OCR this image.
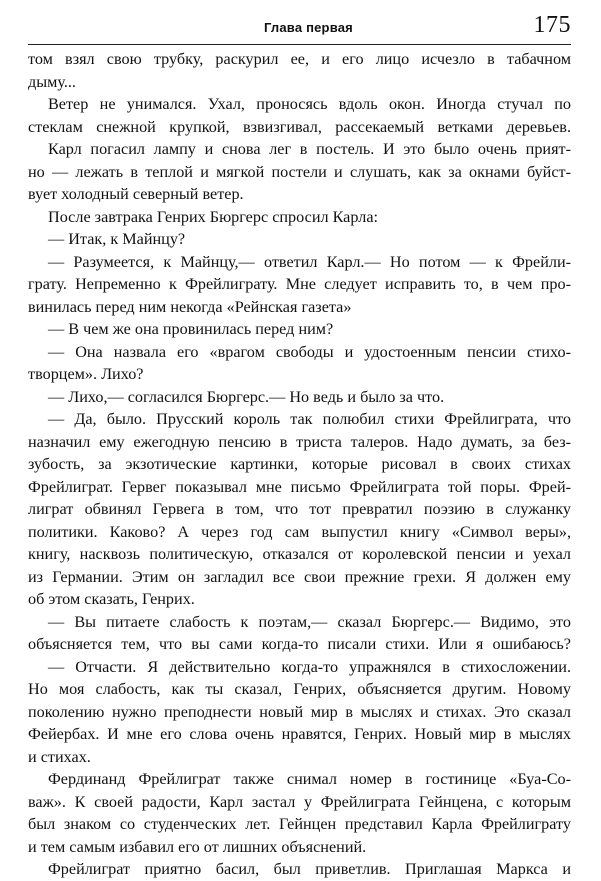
Глава первая	175
том взял свою трубку, раскурил ее, и его лицо исчезло в табачном
дыму...
Ветер не унимался. Ухал, проносясь вдоль окон. Иногда стучал по
стеклам снежной крупкой, взвизгивал, рассекаемый ветками деревьев.
Карл погасил лампу и снова лег в постель. И это было очень прият-
но — лежать в теплой и мягкой постели и слушать, как за окнами буйст-
вует холодный северный ветер.
После завтрака Генрих Бюргерс спросил Карла:
— Итак, к Майнцу?
— Разумеется, к Майнцу,— ответил Карл.— Но потом — к Фрейли-
грату. Непременно к Фрейлиграту. Мне следует исправить то, в чем про-
винилась перед ним некогда «Рейнская газета»
— В чем же она провинилась перед ним?
— Она назвала его «врагом свободы и удостоенным пенсии стихо-
творцем». Лихо?
— Лихо,— согласился Бюргерс.— Но ведь и было за что.
— Да, было. Прусский король так полюбил стихи Фрейлиграта, что
назначил ему ежегодную пенсию в триста талеров. Надо думать, за без-
зубость, за экзотические картинки, которые рисовал в своих стихах
Фрейлиграт. Гервег показывал мне письмо Фрейлиграта той поры. Фрей-
лиграт обвинял Гервега в том, что тот превратил поэзию в служанку
политики. Каково? А через год сам выпустил книгу «Символ веры»,
книгу, насквозь политическую, отказался от королевской пенсии и уехал
из Германии. Этим он загладил все свои прежние грехи. Я должен ему
об этом сказать, Генрих.
— Вы питаете слабость к поэтам,— сказал Бюргерс.— Видимо, это
объясняется тем, что вы сами когда-то писали стихи. Или я ошибаюсь?
— Отчасти. Я действительно когда-то упражнялся в стихосложении.
Но моя слабость, как ты сказал, Генрих, объясняется другим. Новому
поколению нужно преподнести новый мир в мыслях и стихах. Это сказал
Фейербах. И мне его слова очень нравятся, Генрих. Новый мир в мыслях
и стихах.
Фердинанд Фрейлиграт также снимал номер в гостинице «Буа-Со-
важ». К своей радости, Карл застал у Фрейлиграта Гейнцена, с которым
был знаком со студенческих лет. Гейнцен представил Карла Фрейлиграту
и тем самым избавил его от лишних объяснений.
Фрейлиграт приятно басил, был приветлив. Приглашая Маркса и
